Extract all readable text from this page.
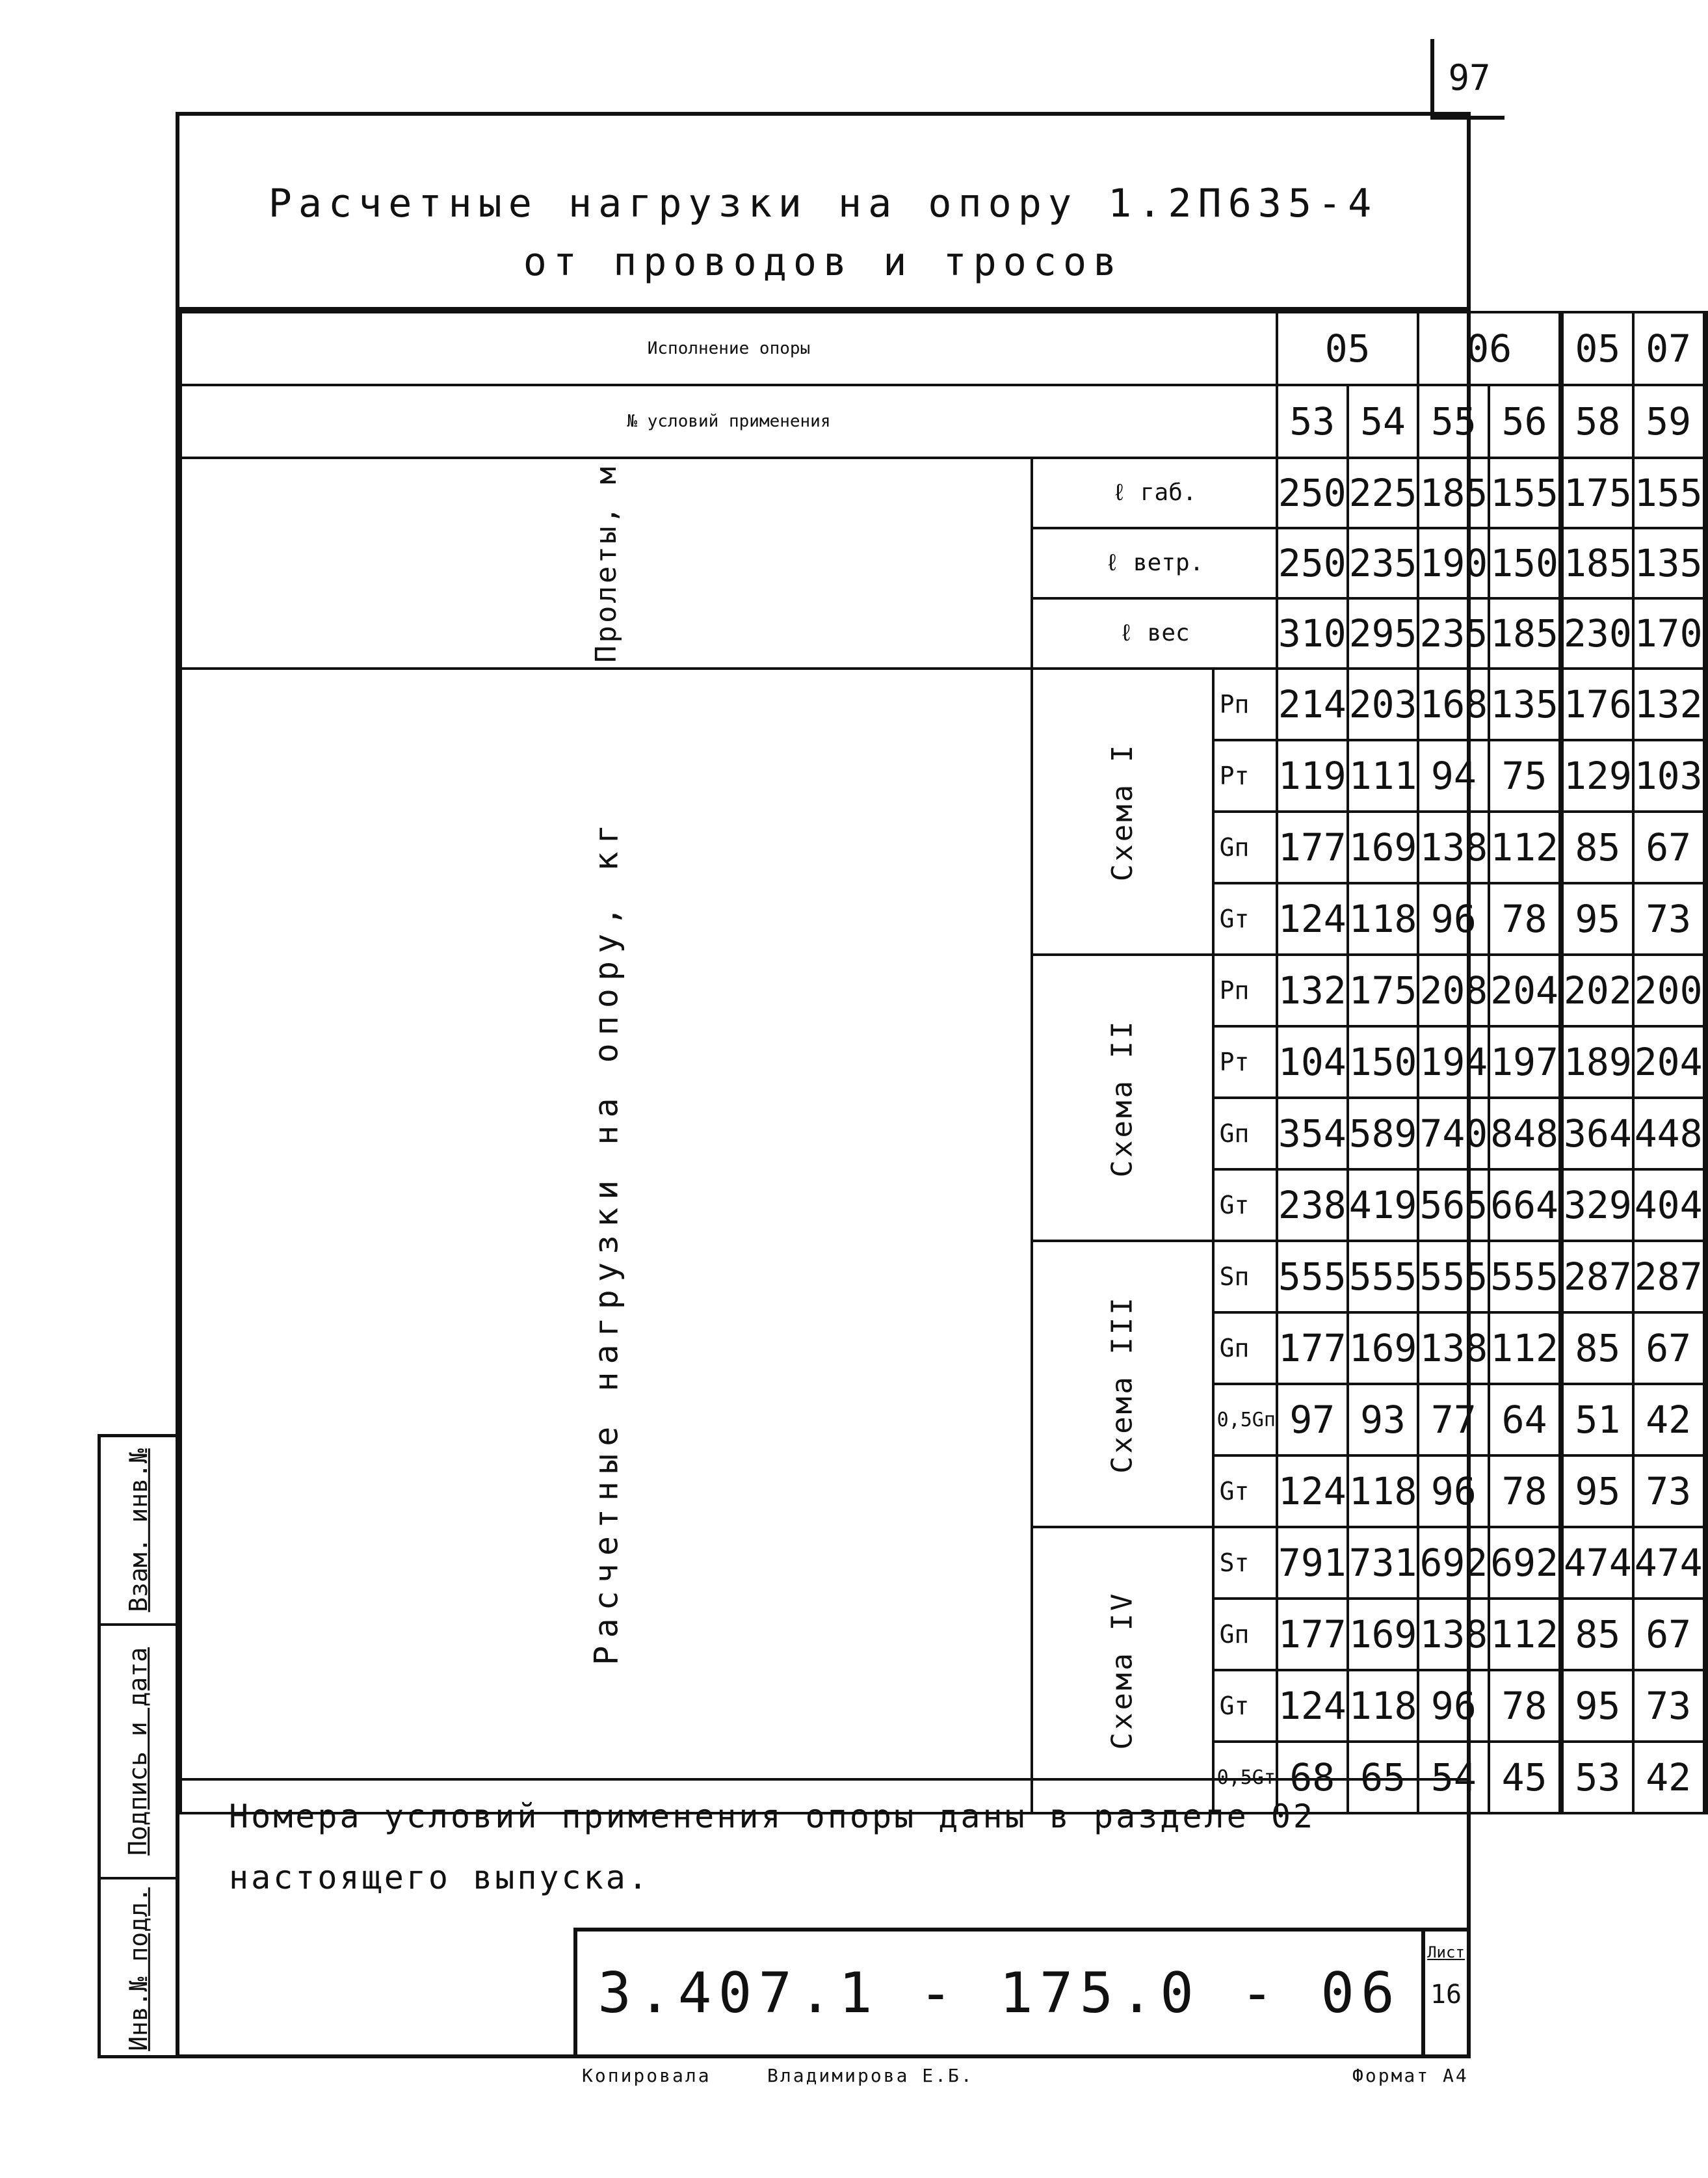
97
Расчетные нагрузки на опору 1.2П635-4
от проводов и тросов
Исполнение опоры			05		06			05	07	
№ условий применения			53	54	55	56		58	59	

Пролеты, м	ℓ габ.		250	225	185	155		175	155	
	ℓ ветр.		250	235	190	150		185	135	
	ℓ вес		310	295	235	185		230	170	

Расчетные нагрузки на опору, кг	Схема I	Pп	214	203	168	135		176	132	
		Pт	119	111	94	75		129	103	
		Gп	177	169	138	112		85	67	
		Gт	124	118	96	78		95	73	

	Схема II	Pп	132	175	208	204		202	200	
		Pт	104	150	194	197		189	204	
		Gп	354	589	740	848		364	448	
		Gт	238	419	565	664		329	404	

	Схема III	Sп	555	555	555	555		287	287	
		Gп	177	169	138	112		85	67	
		0,5Gп	97	93	77	64		51	42	
		Gт	124	118	96	78		95	73	

	Схема IV	Sт	791	731	692	692		474	474	
		Gп	177	169	138	112		85	67	
		Gт	124	118	96	78		95	73	
		0,5Gт	68	65	54	45		53	42	
Номера условий применения опоры даны в разделе 02
настоящего выпуска.
3.407.1 - 175.0 - 06
Лист
16
Взам. инв.№
Подпись и дата
Инв.№ подл.
Копировала	Владимирова Е.Б.	Формат А4
